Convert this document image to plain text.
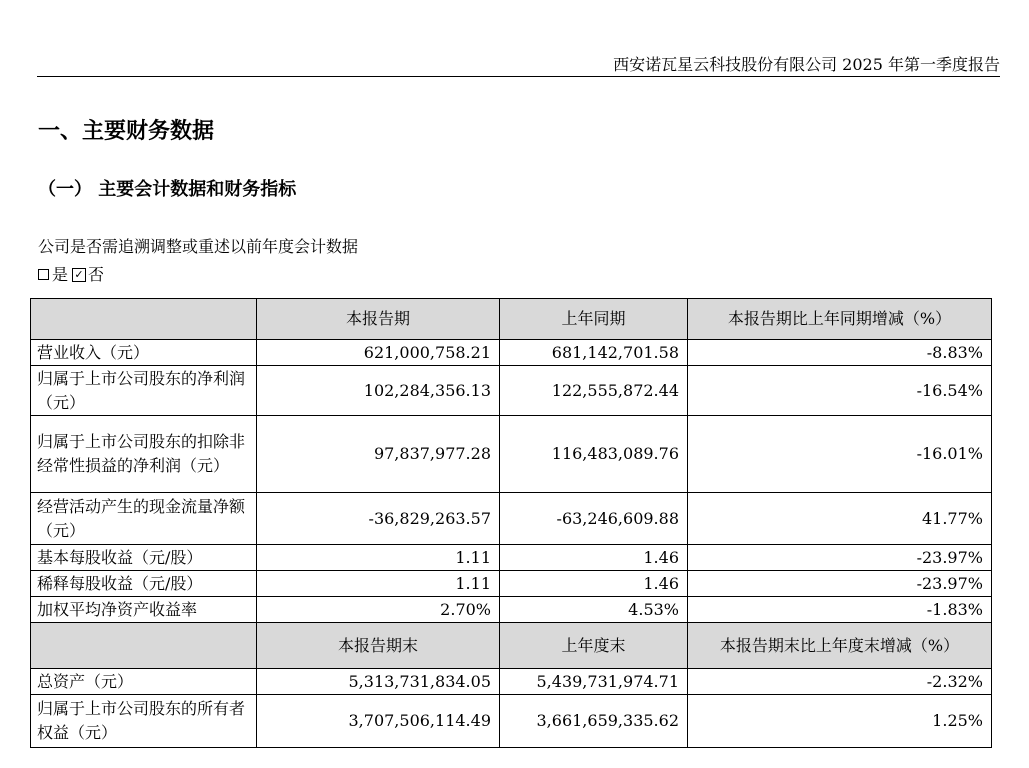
西安诺瓦星云科技股份有限公司 2025 年第一季度报告
一、主要财务数据
（一） 主要会计数据和财务指标
公司是否需追溯调整或重述以前年度会计数据
是 ✓ 否
	本报告期	上年同期	本报告期比上年同期增减（%）
营业收入（元）	621,000,758.21	681,142,701.58	-8.83%
归属于上市公司股东的净利润（元）	102,284,356.13	122,555,872.44	-16.54%
归属于上市公司股东的扣除非经常性损益的净利润（元）	97,837,977.28	116,483,089.76	-16.01%
经营活动产生的现金流量净额（元）	-36,829,263.57	-63,246,609.88	41.77%
基本每股收益（元/股）	1.11	1.46	-23.97%
稀释每股收益（元/股）	1.11	1.46	-23.97%
加权平均净资产收益率	2.70%	4.53%	-1.83%
	本报告期末	上年度末	本报告期末比上年度末增减（%）
总资产（元）	5,313,731,834.05	5,439,731,974.71	-2.32%
归属于上市公司股东的所有者权益（元）	3,707,506,114.49	3,661,659,335.62	1.25%
